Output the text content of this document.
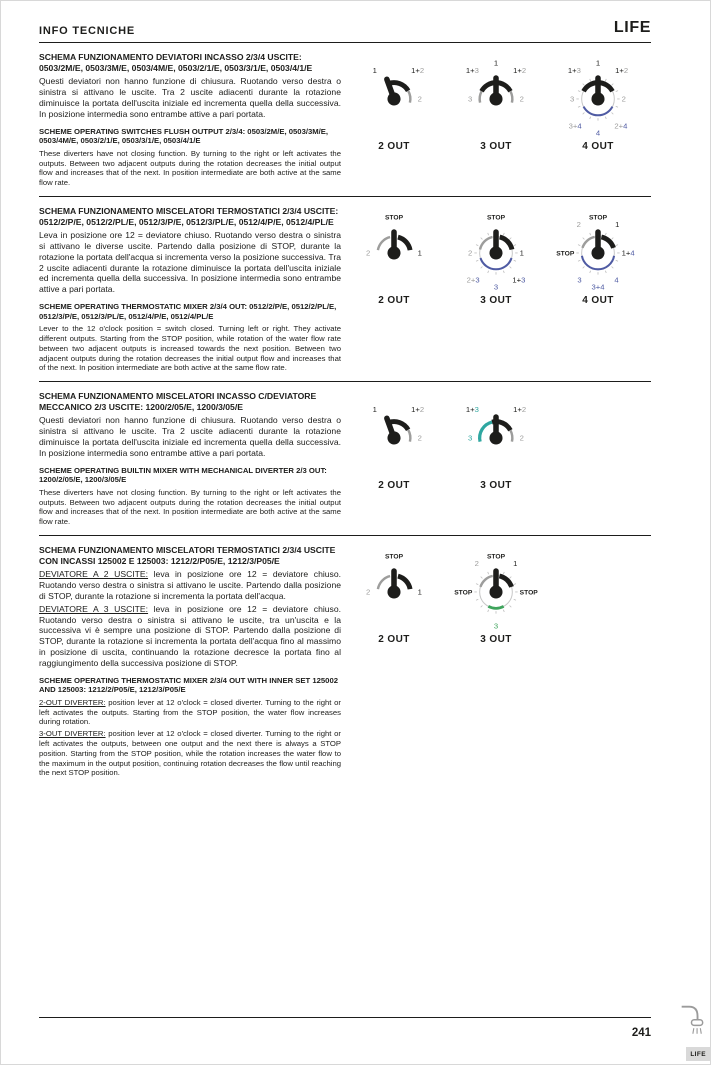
INFO TECNICHE	LIFE
SCHEMA FUNZIONAMENTO DEVIATORI INCASSO 2/3/4 USCITE: 0503/2M/E, 0503/3M/E, 0503/4M/E, 0503/2/1/E, 0503/3/1/E, 0503/4/1/E

Questi deviatori non hanno funzione di chiusura. Ruotando verso destra o sinistra si attivano le uscite. Tra 2 uscite adiacenti durante la rotazione diminuisce la portata dell'uscita iniziale ed incrementa quella della successiva. In posizione intermedia sono entrambe attive a pari portata.

SCHEME OPERATING SWITCHES FLUSH OUTPUT 2/3/4: 0503/2M/E, 0503/3M/E, 0503/4M/E, 0503/2/1/E, 0503/3/1/E, 0503/4/1/E

These diverters have not closing function. By turning to the right or left activates the outputs. Between two adjacent outputs during the rotation decreases the initial output flow and increases that of the next. In position intermediate are both active at the same flow rate.

1	1+2
2
2 OUT
1
1+3	1+2
3	2
3 OUT
1
1+3	1+2
3	2
3+4	2+4
4
4 OUT
SCHEMA FUNZIONAMENTO MISCELATORI TERMOSTATICI 2/3/4 USCITE: 0512/2/P/E, 0512/2/PL/E, 0512/3/P/E, 0512/3/PL/E, 0512/4/P/E, 0512/4/PL/E

Leva in posizione ore 12 = deviatore chiuso. Ruotando verso destra o sinistra si attivano le diverse uscite. Partendo dalla posizione di STOP, durante la rotazione la portata dell'acqua si incrementa verso la posizione successiva. Tra 2 uscite adiacenti durante la rotazione diminuisce la portata dell'uscita iniziale ed incrementa quella della successiva. In posizione intermedia sono entrambe attive a pari portata.

SCHEME OPERATING THERMOSTATIC MIXER 2/3/4 OUT: 0512/2/P/E, 0512/2/PL/E, 0512/3/P/E, 0512/3/PL/E, 0512/4/P/E, 0512/4/PL/E

Lever to the 12 o'clock position = switch closed. Turning left or right. They activate different outputs. Starting from the STOP position, while rotation of the water flow rate between two adjacent outputs is increased towards the next position. Between two adjacent outputs during the rotation decreases the initial output flow and increases that of the next. In position intermediate are both active at the same flow rate.

STOP
2	1
2 OUT
STOP
2	1
2+3	1+3
3
3 OUT
STOP
2	1
STOP	1+4
4
3+4
3
4 OUT
SCHEMA FUNZIONAMENTO MISCELATORI INCASSO C/DEVIATORE MECCANICO 2/3 USCITE: 1200/2/05/E, 1200/3/05/E

Questi deviatori non hanno funzione di chiusura. Ruotando verso destra o sinistra si attivano le uscite. Tra 2 uscite adiacenti durante la rotazione diminuisce la portata dell'uscita iniziale ed incrementa quella della successiva. In posizione intermedia sono entrambe attive a pari portata.

SCHEME OPERATING BUILTIN MIXER WITH MECHANICAL DIVERTER 2/3 OUT: 1200/2/05/E, 1200/3/05/E

These diverters have not closing function. By turning to the right or left activates the outputs. Between two adjacent outputs during the rotation decreases the initial output flow and increases that of the next. In position intermediate are both active at the same flow rate.

1	1+2
2
2 OUT
1+3	1+2
3	2
3 OUT
SCHEMA FUNZIONAMENTO MISCELATORI TERMOSTATICI 2/3/4 USCITE CON INCASSI 125002 E 125003: 1212/2/P05/E, 1212/3/P05/E

DEVIATORE A 2 USCITE: leva in posizione ore 12 = deviatore chiuso. Ruotando verso destra o sinistra si attivano le uscite. Partendo dalla posizione di STOP, durante la rotazione si incrementa la portata dell'acqua.

DEVIATORE A 3 USCITE: leva in posizione ore 12 = deviatore chiuso. Ruotando verso destra o sinistra si attivano le uscite, tra un'uscita e la successiva vi è sempre una posizione di STOP. Partendo dalla posizione di STOP, durante la rotazione si incrementa la portata dell'acqua fino al massimo in posizione di uscita, continuando la rotazione decresce la portata fino al raggiungimento della successiva posizione di STOP.

SCHEME OPERATING THERMOSTATIC MIXER 2/3/4 OUT WITH INNER SET 125002 AND 125003: 1212/2/P05/E, 1212/3/P05/E

2-OUT DIVERTER: position lever at 12 o'clock = closed diverter. Turning to the right or left activates the outputs. Starting from the STOP position, the water flow increases during rotation.

3-OUT DIVERTER: position lever at 12 o'clock = closed diverter. Turning to the right or left activates the outputs, between one output and the next there is always a STOP position. Starting from the STOP position, while the rotation increases the water flow to the maximum in the output position, continuing rotation decreases the flow until reaching the next STOP position.

STOP
2	1
2 OUT
STOP
2	1
STOP	STOP
3
3 OUT
241
LIFE
